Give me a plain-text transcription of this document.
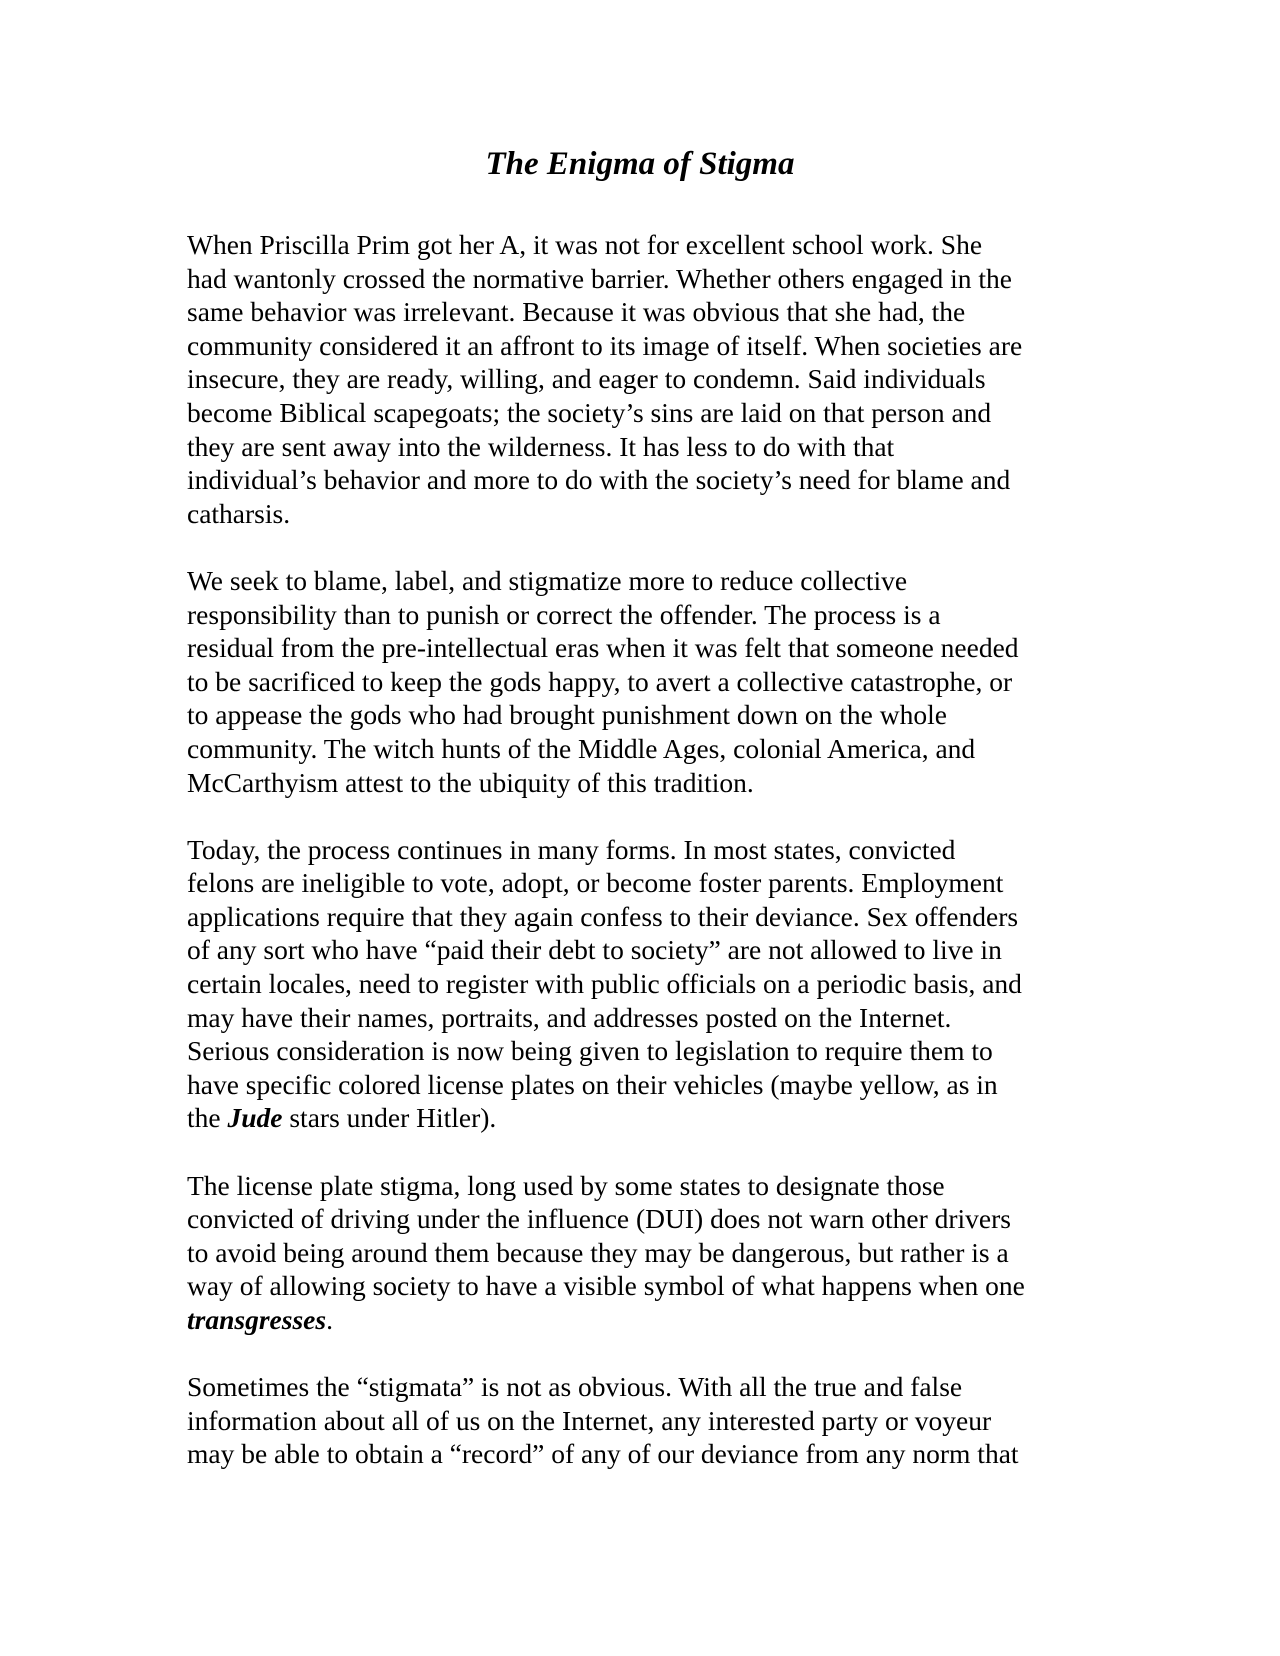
The Enigma of Stigma

When Priscilla Prim got her A, it was not for excellent school work. She
had wantonly crossed the normative barrier. Whether others engaged in the
same behavior was irrelevant. Because it was obvious that she had, the
community considered it an affront to its image of itself. When societies are
insecure, they are ready, willing, and eager to condemn. Said individuals
become Biblical scapegoats; the society’s sins are laid on that person and
they are sent away into the wilderness. It has less to do with that
individual’s behavior and more to do with the society’s need for blame and
catharsis.

We seek to blame, label, and stigmatize more to reduce collective
responsibility than to punish or correct the offender. The process is a
residual from the pre-intellectual eras when it was felt that someone needed
to be sacrificed to keep the gods happy, to avert a collective catastrophe, or
to appease the gods who had brought punishment down on the whole
community. The witch hunts of the Middle Ages, colonial America, and
McCarthyism attest to the ubiquity of this tradition.

Today, the process continues in many forms. In most states, convicted
felons are ineligible to vote, adopt, or become foster parents. Employment
applications require that they again confess to their deviance. Sex offenders
of any sort who have “paid their debt to society” are not allowed to live in
certain locales, need to register with public officials on a periodic basis, and
may have their names, portraits, and addresses posted on the Internet.
Serious consideration is now being given to legislation to require them to
have specific colored license plates on their vehicles (maybe yellow, as in
the Jude stars under Hitler).

The license plate stigma, long used by some states to designate those
convicted of driving under the influence (DUI) does not warn other drivers
to avoid being around them because they may be dangerous, but rather is a
way of allowing society to have a visible symbol of what happens when one
transgresses.

Sometimes the “stigmata” is not as obvious. With all the true and false
information about all of us on the Internet, any interested party or voyeur
may be able to obtain a “record” of any of our deviance from any norm that
